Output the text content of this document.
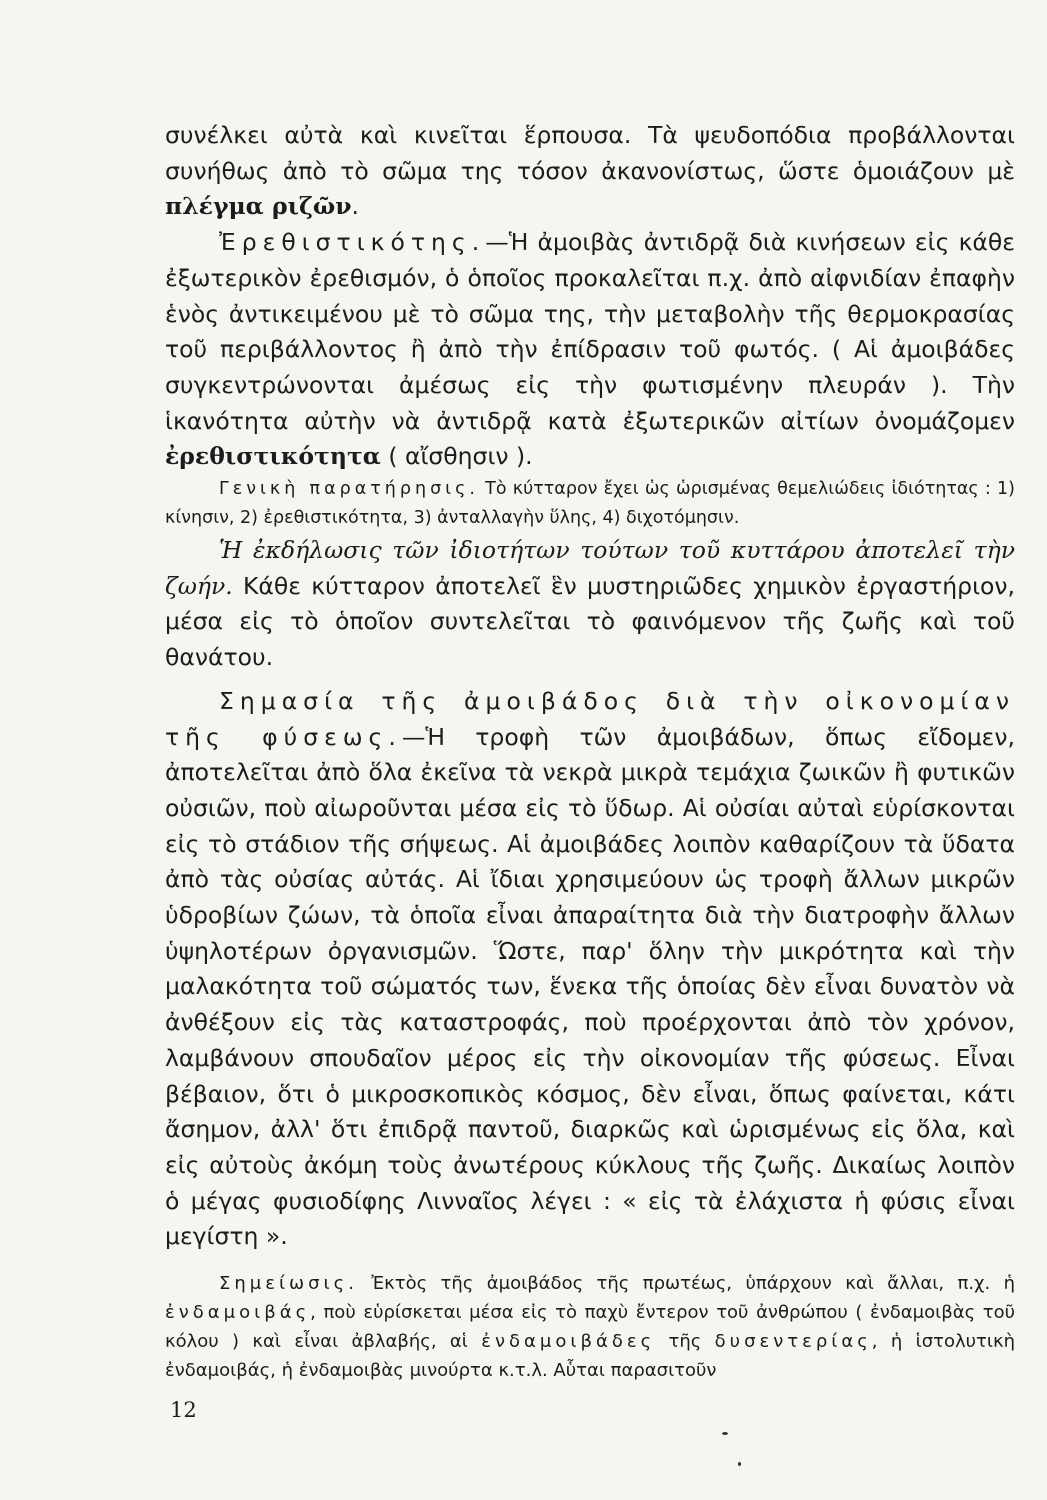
συνέλκει αὐτὰ καὶ κινεῖται ἕρπουσα. Τὰ ψευδοπόδια προβάλλονται συνήθως ἀπὸ τὸ σῶμα της τόσον ἀκανονίστως, ὥστε ὁμοιάζουν μὲ πλέγμα ριζῶν.

Ἐρεθιστικότης.—Ἡ ἀμοιβὰς ἀντιδρᾷ διὰ κινήσεων εἰς κάθε ἐξωτερικὸν ἐρεθισμόν, ὁ ὁποῖος προκαλεῖται π.χ. ἀπὸ αἰφνιδίαν ἐπαφὴν ἑνὸς ἀντικειμένου μὲ τὸ σῶμα της, τὴν μεταβολὴν τῆς θερμοκρασίας τοῦ περιβάλλοντος ἢ ἀπὸ τὴν ἐπίδρασιν τοῦ φωτός. ( Αἱ ἀμοιβάδες συγκεντρώνονται ἀμέσως εἰς τὴν φωτισμένην πλευράν ). Τὴν ἱκανότητα αὐτὴν νὰ ἀντιδρᾷ κατὰ ἐξωτερικῶν αἰτίων ὀνομάζομεν ἐρεθιστικότητα ( αἴσθησιν ).

Γενικὴ παρατήρησις. Τὸ κύτταρον ἔχει ὡς ὡρισμένας θεμελιώδεις ἰδιότητας : 1) κίνησιν, 2) ἐρεθιστικότητα, 3) ἀνταλλαγὴν ὕλης, 4) διχοτόμησιν.

Ἡ ἐκδήλωσις τῶν ἰδιοτήτων τούτων τοῦ κυττάρου ἀποτελεῖ τὴν ζωήν. Κάθε κύτταρον ἀποτελεῖ ἓν μυστηριῶδες χημικὸν ἐργαστήριον, μέσα εἰς τὸ ὁποῖον συντελεῖται τὸ φαινόμενον τῆς ζωῆς καὶ τοῦ θανάτου.

Σημασία τῆς ἀμοιβάδος διὰ τὴν οἰκονομίαν τῆς φύσεως.—Ἡ τροφὴ τῶν ἀμοιβάδων, ὅπως εἴδομεν, ἀποτελεῖται ἀπὸ ὅλα ἐκεῖνα τὰ νεκρὰ μικρὰ τεμάχια ζωικῶν ἢ φυτικῶν οὐσιῶν, ποὺ αἰωροῦνται μέσα εἰς τὸ ὕδωρ. Αἱ οὐσίαι αὐταὶ εὑρίσκονται εἰς τὸ στάδιον τῆς σήψεως. Αἱ ἀμοιβάδες λοιπὸν καθαρίζουν τὰ ὕδατα ἀπὸ τὰς οὐσίας αὐτάς. Αἱ ἴδιαι χρησιμεύουν ὡς τροφὴ ἄλλων μικρῶν ὑδροβίων ζώων, τὰ ὁποῖα εἶναι ἀπαραίτητα διὰ τὴν διατροφὴν ἄλλων ὑψηλοτέρων ὀργανισμῶν. Ὥστε, παρ' ὅλην τὴν μικρότητα καὶ τὴν μαλακότητα τοῦ σώματός των, ἕνεκα τῆς ὁποίας δὲν εἶναι δυνατὸν νὰ ἀνθέξουν εἰς τὰς καταστροφάς, ποὺ προέρχονται ἀπὸ τὸν χρόνον, λαμβάνουν σπουδαῖον μέρος εἰς τὴν οἰκονομίαν τῆς φύσεως. Εἶναι βέβαιον, ὅτι ὁ μικροσκοπικὸς κόσμος, δὲν εἶναι, ὅπως φαίνεται, κάτι ἄσημον, ἀλλ' ὅτι ἐπιδρᾷ παντοῦ, διαρκῶς καὶ ὡρισμένως εἰς ὅλα, καὶ εἰς αὐτοὺς ἀκόμη τοὺς ἀνωτέρους κύκλους τῆς ζωῆς. Δικαίως λοιπὸν ὁ μέγας φυσιοδίφης Λινναῖος λέγει : « εἰς τὰ ἐλάχιστα ἡ φύσις εἶναι μεγίστη ».

Σημείωσις. Ἐκτὸς τῆς ἀμοιβάδος τῆς πρωτέως, ὑπάρχουν καὶ ἄλλαι, π.χ. ἡ ἐνδαμοιβάς, ποὺ εὑρίσκεται μέσα εἰς τὸ παχὺ ἔντερον τοῦ ἀνθρώπου ( ἐνδαμοιβὰς τοῦ κόλου ) καὶ εἶναι ἀβλαβής, αἱ ἐνδαμοιβάδες τῆς δυσεντερίας, ἡ ἱστολυτικὴ ἐνδαμοιβάς, ἡ ἐνδαμοιβὰς μινούρτα κ.τ.λ. Αὗται παρασιτοῦν

12
